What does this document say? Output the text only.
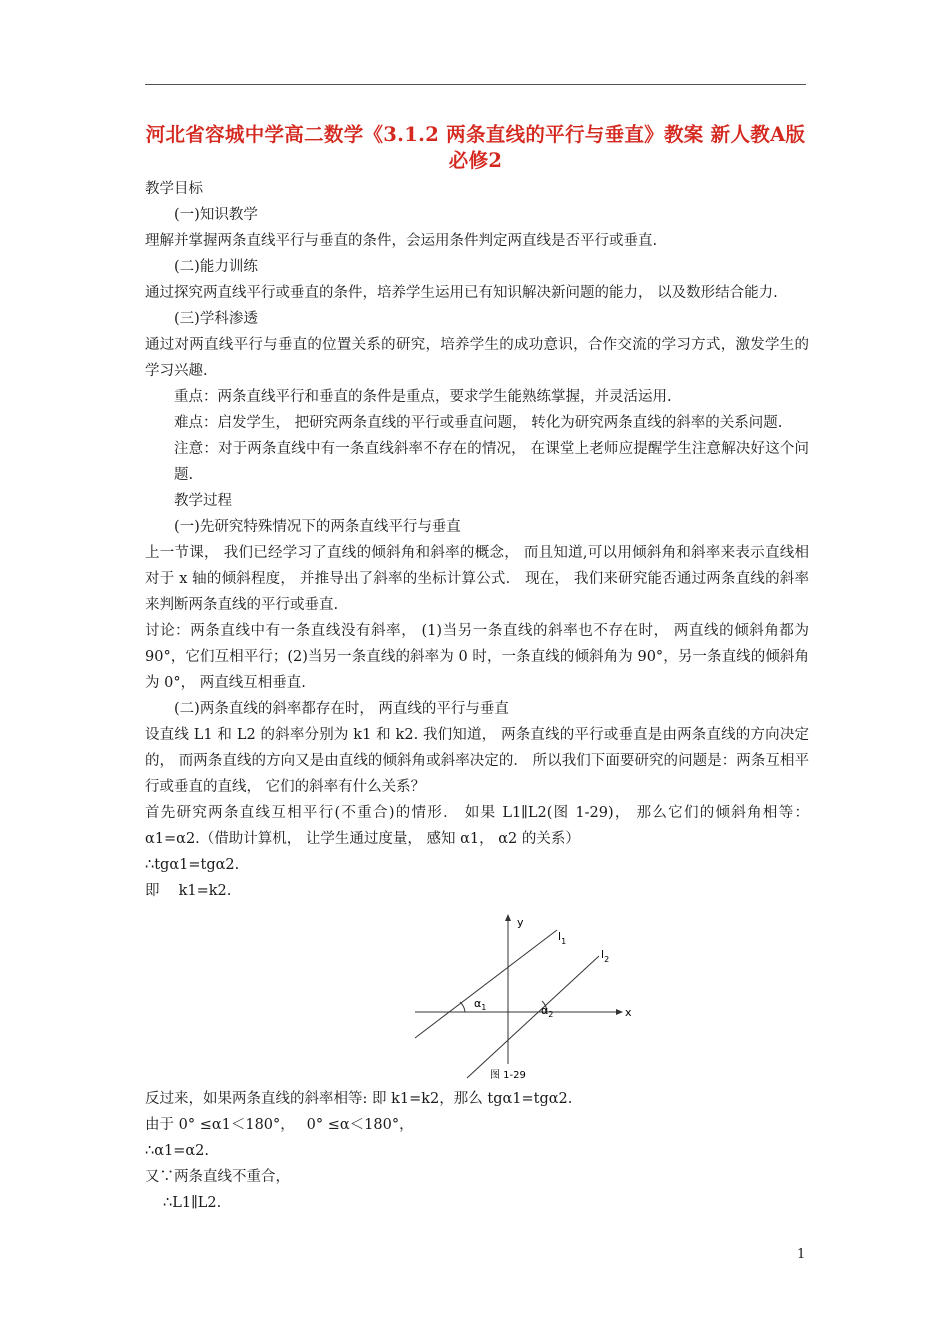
河北省容城中学高二数学《3.1.2 两条直线的平行与垂直》教案 新人教A版必修2

教学目标

(一)知识教学

理解并掌握两条直线平行与垂直的条件，会运用条件判定两直线是否平行或垂直.

(二)能力训练

通过探究两直线平行或垂直的条件，培养学生运用已有知识解决新问题的能力， 以及数形结合能力.

(三)学科渗透

通过对两直线平行与垂直的位置关系的研究，培养学生的成功意识，合作交流的学习方式，激发学生的学习兴趣.

重点：两条直线平行和垂直的条件是重点，要求学生能熟练掌握，并灵活运用.

难点：启发学生， 把研究两条直线的平行或垂直问题， 转化为研究两条直线的斜率的关系问题.

注意：对于两条直线中有一条直线斜率不存在的情况， 在课堂上老师应提醒学生注意解决好这个问题.

教学过程

(一)先研究特殊情况下的两条直线平行与垂直

上一节课， 我们已经学习了直线的倾斜角和斜率的概念， 而且知道,可以用倾斜角和斜率来表示直线相对于 x 轴的倾斜程度， 并推导出了斜率的坐标计算公式． 现在， 我们来研究能否通过两条直线的斜率来判断两条直线的平行或垂直.

讨论：两条直线中有一条直线没有斜率， (1)当另一条直线的斜率也不存在时， 两直线的倾斜角都为 90°，它们互相平行；(2)当另一条直线的斜率为 0 时，一条直线的倾斜角为 90°，另一条直线的倾斜角为 0°， 两直线互相垂直.

(二)两条直线的斜率都存在时， 两直线的平行与垂直

设直线 L1 和 L2 的斜率分别为 k1 和 k2. 我们知道， 两条直线的平行或垂直是由两条直线的方向决定的， 而两条直线的方向又是由直线的倾斜角或斜率决定的． 所以我们下面要研究的问题是：两条互相平行或垂直的直线， 它们的斜率有什么关系？

首先研究两条直线互相平行(不重合)的情形． 如果 L1∥L2(图 1-29)， 那么它们的倾斜角相等：α1=α2.（借助计算机， 让学生通过度量， 感知 α1， α2 的关系）

∴tgα1=tgα2.

即　 k1=k2.

y
x
$l_1$
$l_2$
$\alpha_1$	$\alpha_2$
图 1-29

反过来，如果两条直线的斜率相等: 即 k1=k2，那么 tgα1=tgα2.

由于 0° ≤α1＜180°，　 0° ≤α＜180°，

∴α1=α2.

又∵两条直线不重合，

∴L1∥L2.

1
